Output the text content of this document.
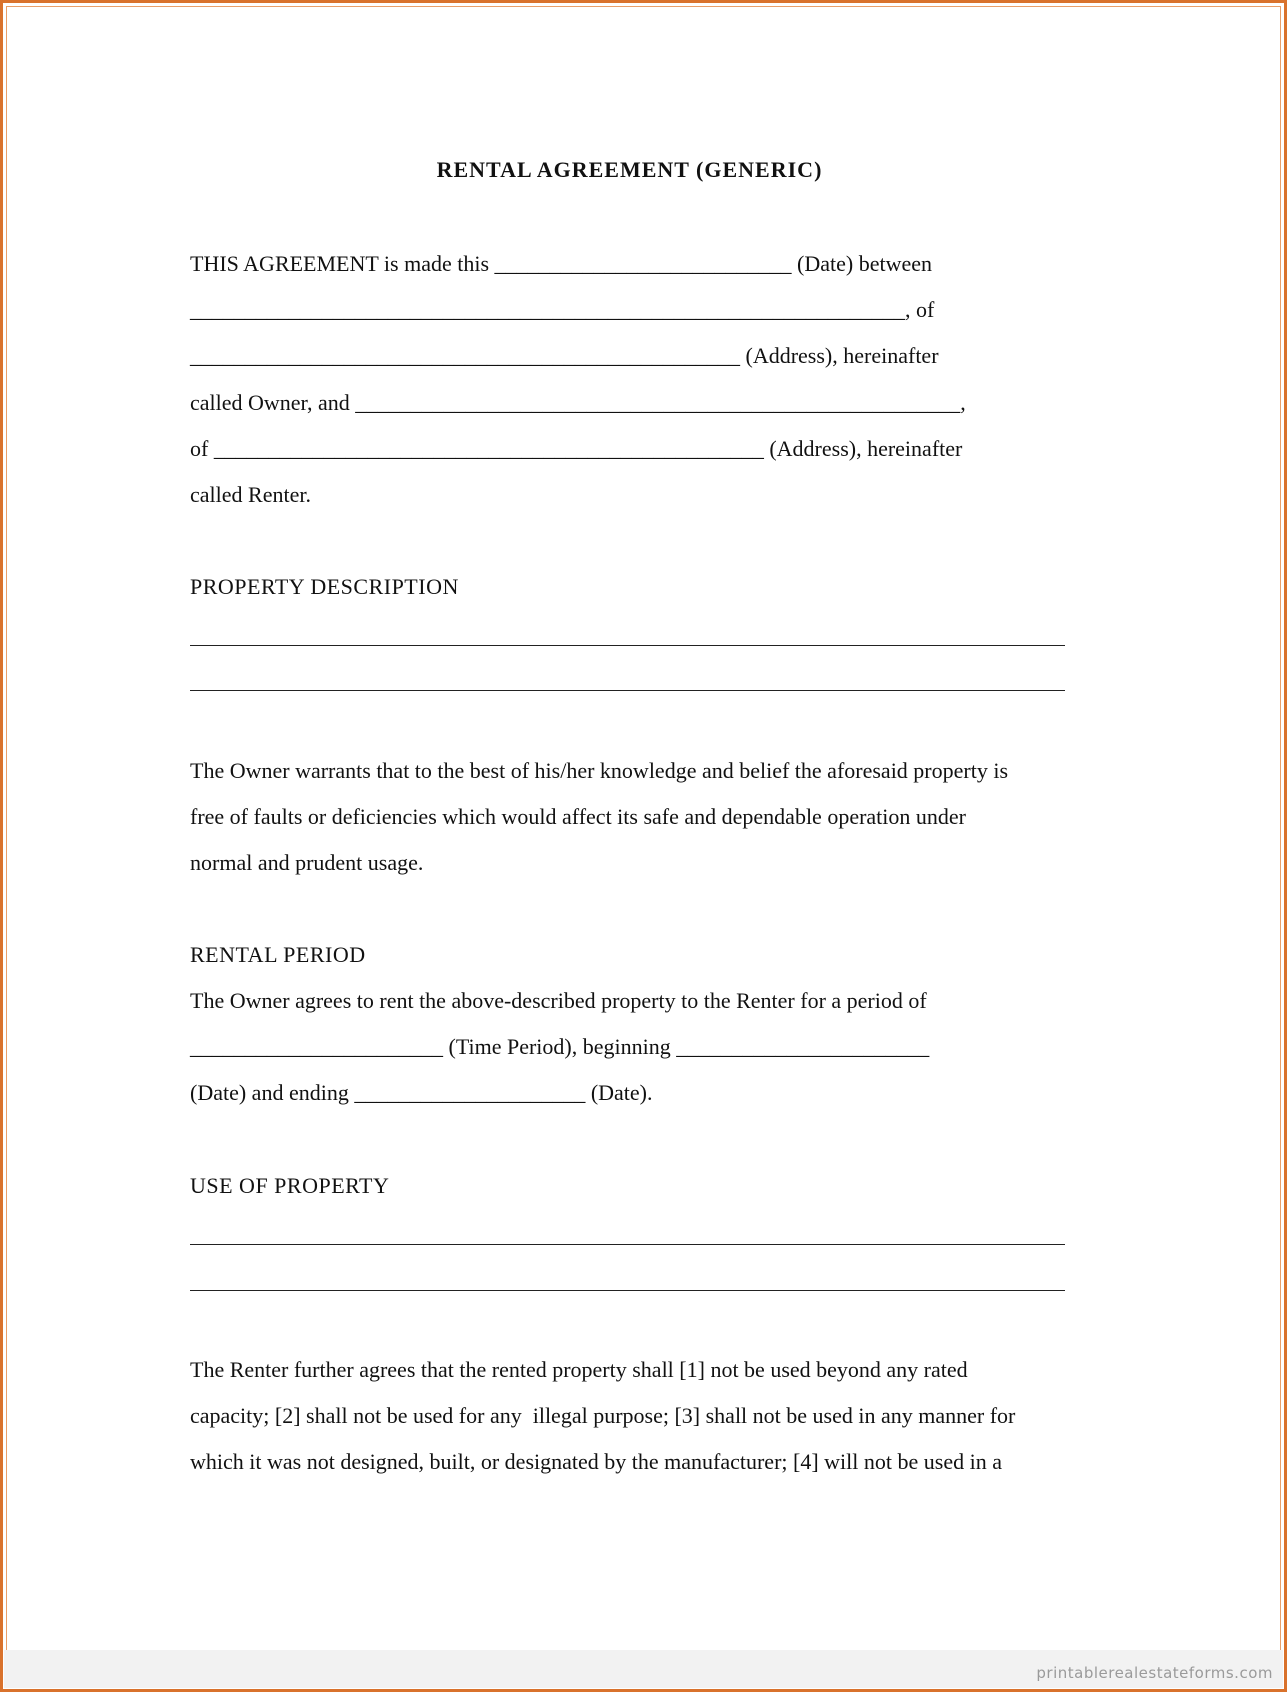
RENTAL AGREEMENT (GENERIC)
THIS AGREEMENT is made this ___________________________ (Date) between
_________________________________________________________________, of
__________________________________________________ (Address), hereinafter
called Owner, and _______________________________________________________,
of __________________________________________________ (Address), hereinafter
called Renter.
PROPERTY DESCRIPTION
The Owner warrants that to the best of his/her knowledge and belief the aforesaid property is
free of faults or deficiencies which would affect its safe and dependable operation under
normal and prudent usage.
RENTAL PERIOD
The Owner agrees to rent the above-described property to the Renter for a period of
_______________________ (Time Period), beginning _______________________
(Date) and ending _____________________ (Date).
USE OF PROPERTY
The Renter further agrees that the rented property shall [1] not be used beyond any rated
capacity; [2] shall not be used for any  illegal purpose; [3] shall not be used in any manner for
which it was not designed, built, or designated by the manufacturer; [4] will not be used in a
printablerealestateforms.com
